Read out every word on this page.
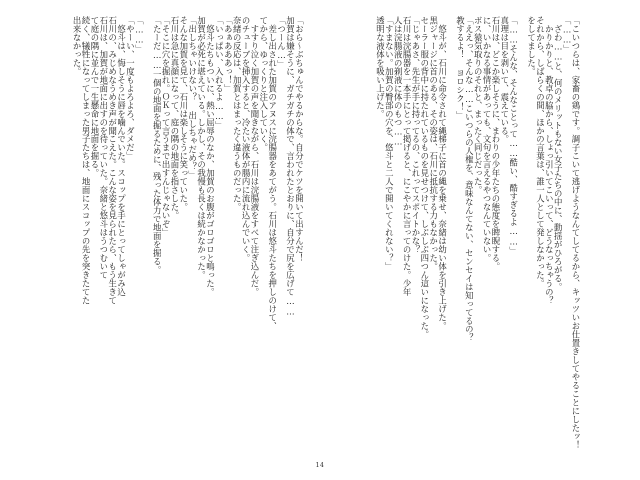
「こいつらは、家畜の鶏です。調子こいて逃げようなんてしてるから、キッツいお仕置きしてやることにしたッ！
「……」
　ざわ……と、何のメリットもない女子たちの中に、動揺がひろがる。
　かりかりと、教卓の脇から、しょっ引いてこいって、どうなっちゃうの？
それから、しばらくの間、ほかの言葉は、誰一人として発しなかった。
をしてました。
「……そんな、そんなことって……酷い、酷すぎるよ……」
真理は目を剥いて、震えている。
石川は、どこか楽しそうに、まわりの少年たちの態度を睥睨する。
に、いかなる事情があっても、文句を言えるやつなんていない。
ボス猿気取りのそれと、まったく同じだった。
「ええっ、そんな……こいつらの人権を、意味なんてない、センセイは知ってるの？
教するよ！ ヨロシク！」
　悠斗が、石川に命令されて縄梯子に首の縄を乗せ、奈緒は幼い体を引き上げた。
黒ジャージに首のある、その姿は、石川に抵抗する力もなかった。
セーラー服の背中に持たれているものを見せつけて、しぶしぶ四つん這いになった。
「じゃあさ、先生が手に持ってるの、これってスポイトかな？
石川は浣腸器を一本手にとって掲げると、にこやかに言ってのけた。少年
人は浣腸液の剃液に体のもつ……
「すまない。加賀の臀部の穴を、悠斗と二人で開いてくれない？」
透明な液体を吸い上げた。
「おら～ぶちゅんでやるからな。自分でケツを開いて出すんだ！
加賀は嫌そうに、ガチガチの体で、言われたとおりに、自分で尻を広げて……
「つーん…」
　差し出された加賀のアヌスに浣腸器をあてがう。石川は悠斗たちを押しのけて、
てから、ゆっくりと注入していく。
　すすり泣く加賀の声を聞きながら、石川は浣腸液をすべて注ぎ込んだ。
のチューブを挿入すると、冷たい液体が腸内に流れ込んでいく。
奈緒の反応は、加賀とはまったく違うものだった。
「あぁあああっ！」
「いっぱい、入れるよ……」
　悠斗たちもついに、熱い屈辱のなか、加賀のお腹がゴロゴロと鳴った。
加賀が必死に堪えている。しかし、その我慢も長くは続かなかった。
「出しちゃいけない？ 出しちゃだめ？」
そんな加賀を見て、石川は楽しそうに笑っていた。
石川は急に真顔になって、庭の隅の地面を指さした。
「そこに穴を掘れ。ＯＫって言うまで出すんじゃないぞ」
「たーだ……一個の地面を掘るために、残った体力で地面を掘る。
「……」
「やーい、一度もよろよろ、ダメだ」
　悠斗は、悔しそうに唇を噛んでいた。スコップを手にとってしゃがみ込
石川の、みじめなうめき声が聞こえた。こんな姿を見られたら、もう生きて
石川は、加賀が地面に出すのを待っていた。奈緒と悠斗はうつむいて
て庭の隅に並んで一生懸命に地面を掘る。
続く、犠牲になってしまった男子たちは、地面にスコップの先を突きたてた
出来なかった。
14
